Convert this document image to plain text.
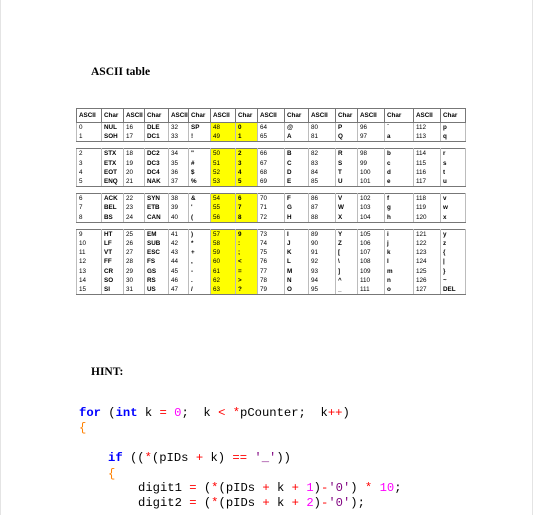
ASCII table
ASCII	Char	ASCII	Char	ASCII	Char	ASCII	Char	ASCII	Char	ASCII	Char	ASCII	Char	ASCII	Char
0	NUL	16	DLE	32	SP	48	0	64	@	80	P	96	`	112	p
1	SOH	17	DC1	33	!	49	1	65	A	81	Q	97	a	113	q

2	STX	18	DC2	34	"	50	2	66	B	82	R	98	b	114	r
3	ETX	19	DC3	35	#	51	3	67	C	83	S	99	c	115	s
4	EOT	20	DC4	36	$	52	4	68	D	84	T	100	d	116	t
5	ENQ	21	NAK	37	%	53	5	69	E	85	U	101	e	117	u

6	ACK	22	SYN	38	&	54	6	70	F	86	V	102	f	118	v
7	BEL	23	ETB	39	'	55	7	71	G	87	W	103	g	119	w
8	BS	24	CAN	40	(	56	8	72	H	88	X	104	h	120	x

9	HT	25	EM	41	)	57	9	73	I	89	Y	105	i	121	y
10	LF	26	SUB	42	*	58	:	74	J	90	Z	106	j	122	z
11	VT	27	ESC	43	+	59	;	75	K	91	[	107	k	123	{
12	FF	28	FS	44	,	60	<	76	L	92	\	108	l	124	|
13	CR	29	GS	45	-	61	=	77	M	93	]	109	m	125	}
14	SO	30	RS	46	.	62	>	78	N	94	^	110	n	126	~
15	SI	31	US	47	/	63	?	79	O	95	_	111	o	127	DEL
HINT:
for (int k = 0;  k < *pCounter;  k++)
{
if ((*(pIDs + k) == '_'))
{
digit1 = (*(pIDs + k + 1)-'0') * 10;
digit2 = (*(pIDs + k + 2)-'0');
